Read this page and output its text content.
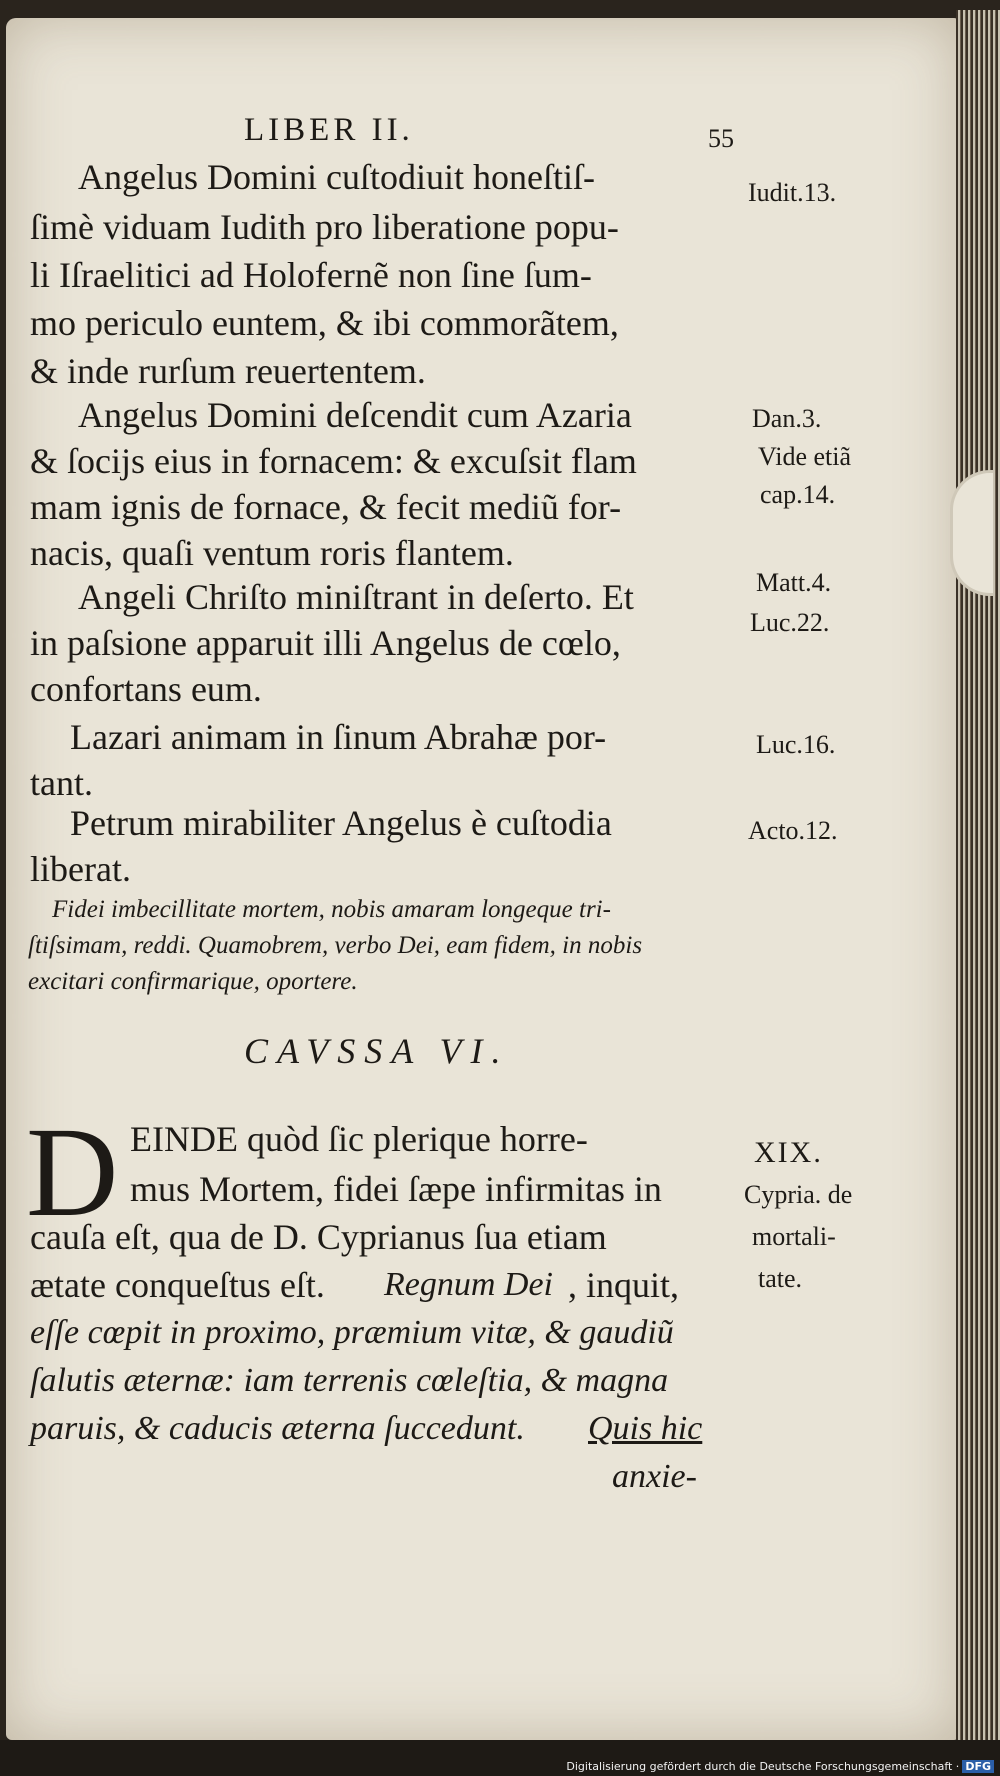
LIBER II.	55
Angelus Domini cuſtodiuit honeſtiſ-
ſimè viduam Iudith pro liberatione popu-
li Iſraelitici ad Holofernẽ non ſine ſum-
mo periculo euntem, & ibi commorãtem,
& inde rurſum reuertentem.
Angelus Domini deſcendit cum Azaria
& ſocijs eius in fornacem: & excuſsit flam
mam ignis de fornace, & fecit mediũ for-
nacis, quaſi ventum roris flantem.
Angeli Chriſto miniſtrant in deſerto. Et
in paſsione apparuit illi Angelus de cœlo,
confortans eum.
Lazari animam in ſinum Abrahæ por-
tant.
Petrum mirabiliter Angelus è cuſtodia
liberat.
Iudit.13.
Dan.3.
Vide etiã
cap.14.
Matt.4.
Luc.22.
Luc.16.
Acto.12.
Fidei imbecillitate mortem, nobis amaram longeque tri-
ſtiſsimam, reddi. Quamobrem, verbo Dei, eam fidem, in nobis
excitari confirmarique, oportere.
CAVSSA VI.
D EINDE quòd ſic plerique horre-
mus Mortem, fidei ſæpe infirmitas in
cauſa eſt, qua de D. Cyprianus ſua etiam
ætate conqueſtus eſt. Regnum Dei , inquit,
eſſe cœpit in proximo, præmium vitæ, & gaudiũ
ſalutis æternæ: iam terrenis cœleſtia, & magna
paruis, & caducis æterna ſuccedunt. Quis hic
anxie-
XIX.
Cypria. de
mortali-
tate.
Digitalisierung gefördert durch die Deutsche Forschungsgemeinschaft · DFG
